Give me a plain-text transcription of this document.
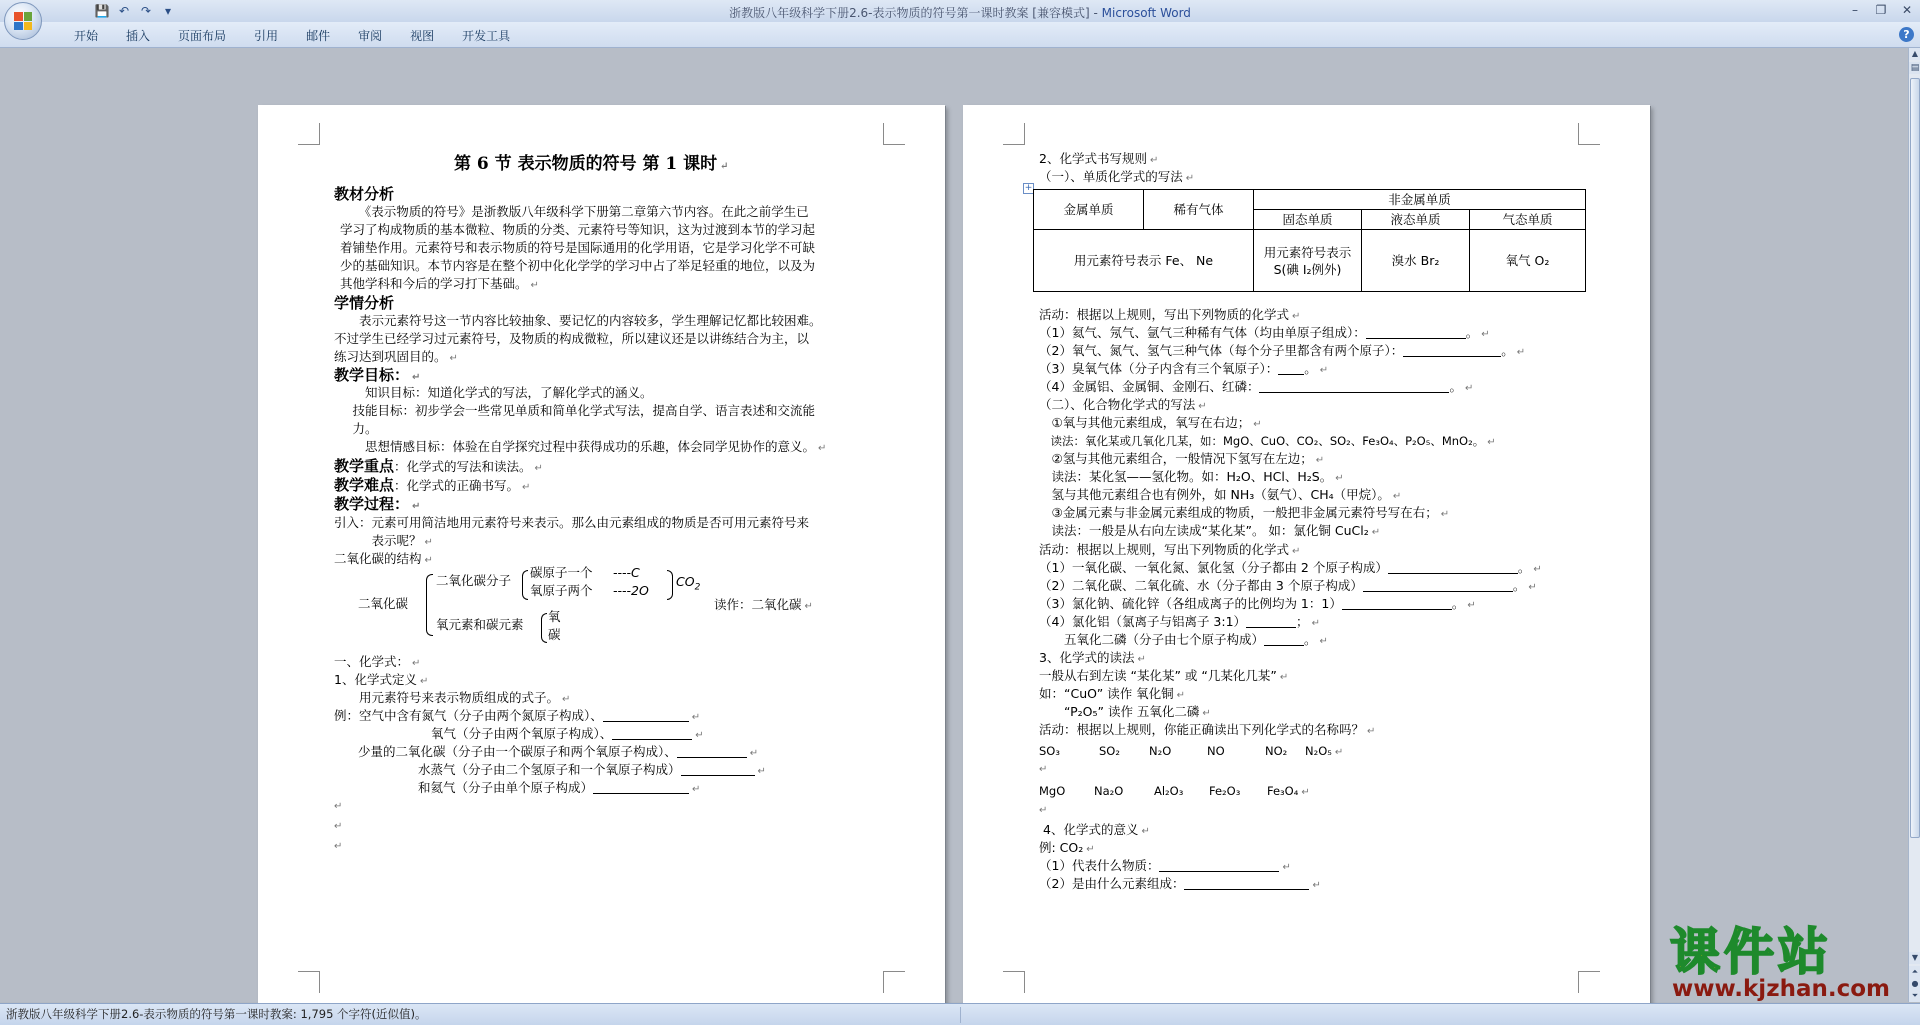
💾 ↶ ↷	▾	浙教版八年级科学下册2.6-表示物质的符号第一课时教案 [兼容模式] - Microsoft Word	–	❐	✕
开始	插入	页面布局	引用	邮件	审阅	视图	开发工具	?
第 6 节 表示物质的符号 第 1 课时 ↵
教材分析
　　《表示物质的符号》是浙教版八年级科学下册第二章第六节内容。在此之前学生已
学习了构成物质的基本微粒、物质的分类、元素符号等知识，这为过渡到本节的学习起
着铺垫作用。元素符号和表示物质的符号是国际通用的化学用语，它是学习化学不可缺
少的基础知识。本节内容是在整个初中化化学学的学习中占了举足轻重的地位，以及为
其他学科和今后的学习打下基础。 ↵
学情分析
　　表示元素符号这一节内容比较抽象、要记忆的内容较多，学生理解记忆都比较困难。
不过学生已经学习过元素符号，及物质的构成微粒，所以建议还是以讲练结合为主，以
练习达到巩固目的。 ↵
教学目标： ↵
　　知识目标：知道化学式的写法，了解化学式的涵义。
　技能目标：初步学会一些常见单质和简单化学式写法，提高自学、语言表述和交流能
　力。
　　思想情感目标：体验在自学探究过程中获得成功的乐趣，体会同学见协作的意义。 ↵
教学重点：化学式的写法和读法。 ↵
教学难点：化学式的正确书写。 ↵
教学过程： ↵
引入：元素可用简洁地用元素符号来表示。那么由元素组成的物质是否可用元素符号来
　　　表示呢？ ↵
二氧化碳的结构 ↵
二氧化碳
二氧化碳分子
碳原子一个 ----C
氧原子两个 ----2O
$CO_2$
读作：二氧化碳 ↵
氧元素和碳元素
氧
碳
一、化学式： ↵
1、化学式定义 ↵
　　用元素符号来表示物质组成的式子。 ↵
例：空气中含有氮气（分子由两个氮原子构成）、	↵
氧气（分子由两个氧原子构成）、	↵
少量的二氧化碳（分子由一个碳原子和两个氧原子构成）、	↵
水蒸气（分子由二个氢原子和一个氧原子构成）	↵
和氦气（分子由单个原子构成）	↵
↵
↵
↵
2、化学式书写规则 ↵
（一）、单质化学式的写法 ↵
+
金属单质	稀有气体	非金属单质		
		固态单质	液态单质	气态单质
用元素符号表示 Fe、 Ne		用元素符号表示 S(碘 I₂例外)	溴水 Br₂	氧气 O₂
活动：根据以上规则，写出下列物质的化学式 ↵
（1）氦气、氖气、氩气三种稀有气体（均由单原子组成）：	。 ↵
（2）氧气、氮气、氢气三种气体（每个分子里都含有两个原子）：	。 ↵
（3）臭氧气体（分子内含有三个氧原子）： 。 ↵
（4）金属铝、金属铜、金刚石、红磷：	。 ↵
（二）、化合物化学式的写法 ↵
　①氧与其他元素组成，氧写在右边； ↵
　读法：氧化某或几氧化几某，如：MgO、CuO、CO₂、SO₂、Fe₃O₄、P₂O₅、MnO₂。 ↵
　②氢与其他元素组合，一般情况下氢写在左边； ↵
　读法：某化氢——氢化物。如：H₂O、HCl、H₂S。 ↵
　氢与其他元素组合也有例外，如 NH₃（氨气）、CH₄（甲烷）。 ↵
　③金属元素与非金属元素组成的物质，一般把非金属元素符号写在右； ↵
　读法：一般是从右向左读成“某化某”。 如：氯化铜 CuCl₂ ↵
活动：根据以上规则，写出下列物质的化学式 ↵
（1）一氧化碳、一氧化氮、氯化氢（分子都由 2 个原子构成）	。 ↵
（2）二氧化碳、二氧化硫、水（分子都由 3 个原子构成）	。 ↵
（3）氯化钠、硫化锌（各组成离子的比例均为 1：1）	。 ↵
（4）氯化铝（氯离子与铝离子 3:1）	； ↵
　　五氧化二磷（分子由七个原子构成）	。 ↵
3、化学式的读法 ↵
一般从右到左读 “某化某” 或 “几某化几某” ↵
如：“CuO” 读作 氧化铜 ↵
　　“P₂O₅” 读作 五氧化二磷 ↵
活动：根据以上规则，你能正确读出下列化学式的名称吗？ ↵
SO₃	SO₂	N₂O	NO	NO₂ N₂O₅ ↵
↵
MgO Na₂O	Al₂O₃ Fe₂O₃ Fe₃O₄ ↵
↵
4、化学式的意义 ↵
例: CO₂ ↵
（1）代表什么物质：	↵
（2）是由什么元素组成：	↵
▲
▤
▼
⏶
●
⏷
浙教版八年级科学下册2.6-表示物质的符号第一课时教案: 1,795 个字符(近似值)。
课件站
www.kjzhan.com
